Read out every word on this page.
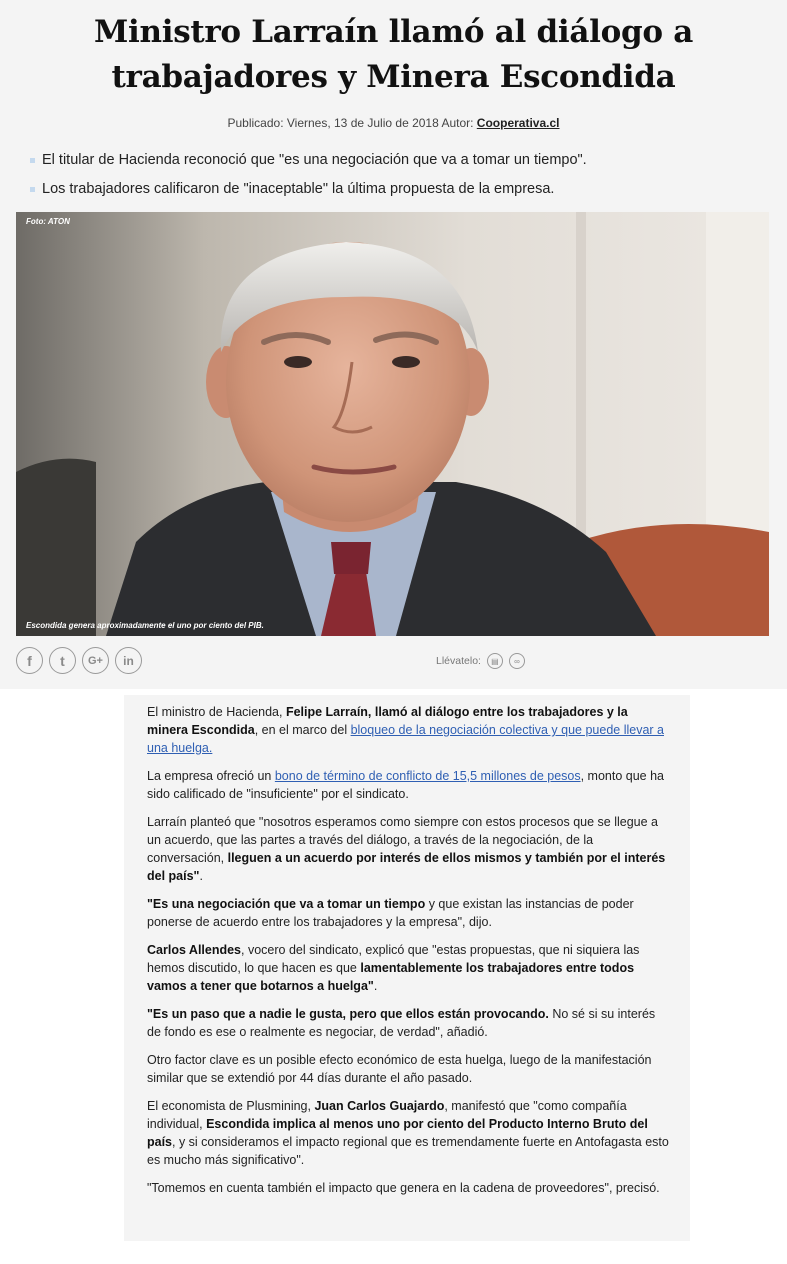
Ministro Larraín llamó al diálogo a trabajadores y Minera Escondida
Publicado: Viernes, 13 de Julio de 2018 Autor: Cooperativa.cl
El titular de Hacienda reconoció que "es una negociación que va a tomar un tiempo".
Los trabajadores calificaron de "inaceptable" la última propuesta de la empresa.
Foto: ATON
Escondida genera aproximadamente el uno por ciento del PIB.
f	t	G+	in	Llévatelo:	▤	∞

El ministro de Hacienda, Felipe Larraín, llamó al diálogo entre los trabajadores y la minera Escondida, en el marco del bloqueo de la negociación colectiva y que puede llevar a una huelga.

La empresa ofreció un bono de término de conflicto de 15,5 millones de pesos, monto que ha sido calificado de "insuficiente" por el sindicato.

Larraín planteó que "nosotros esperamos como siempre con estos procesos que se llegue a un acuerdo, que las partes a través del diálogo, a través de la negociación, de la conversación, lleguen a un acuerdo por interés de ellos mismos y también por el interés del país".

"Es una negociación que va a tomar un tiempo y que existan las instancias de poder ponerse de acuerdo entre los trabajadores y la empresa", dijo.

Carlos Allendes, vocero del sindicato, explicó que "estas propuestas, que ni siquiera las hemos discutido, lo que hacen es que lamentablemente los trabajadores entre todos vamos a tener que botarnos a huelga".

"Es un paso que a nadie le gusta, pero que ellos están provocando. No sé si su interés de fondo es ese o realmente es negociar, de verdad", añadió.

Otro factor clave es un posible efecto económico de esta huelga, luego de la manifestación similar que se extendió por 44 días durante el año pasado.

El economista de Plusmining, Juan Carlos Guajardo, manifestó que "como compañía individual, Escondida implica al menos uno por ciento del Producto Interno Bruto del país, y si consideramos el impacto regional que es tremendamente fuerte en Antofagasta esto es mucho más significativo".

"Tomemos en cuenta también el impacto que genera en la cadena de proveedores", precisó.
